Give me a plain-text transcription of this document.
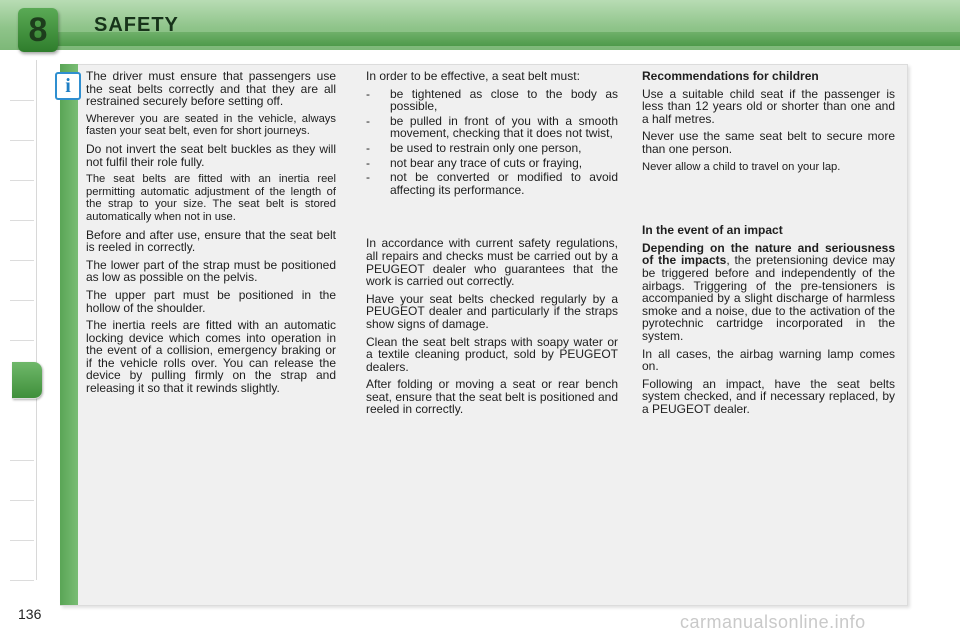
8 SAFETY
i The driver must ensure that passengers use the seat belts correctly and that they are all restrained securely before setting off.

Wherever you are seated in the vehicle, always fasten your seat belt, even for short journeys.

Do not invert the seat belt buckles as they will not fulfil their role fully.

The seat belts are fitted with an inertia reel permitting automatic adjustment of the length of the strap to your size. The seat belt is stored automatically when not in use.

Before and after use, ensure that the seat belt is reeled in correctly.

The lower part of the strap must be positioned as low as possible on the pelvis.

The upper part must be positioned in the hollow of the shoulder.

The inertia reels are fitted with an automatic locking device which comes into operation in the event of a collision, emergency braking or if the vehicle rolls over. You can release the device by pulling firmly on the strap and releasing it so that it rewinds slightly.

In order to be effective, a seat belt must:

- be tightened as close to the body as possible,
- be pulled in front of you with a smooth movement, checking that it does not twist,
- be used to restrain only one person,
- not bear any trace of cuts or fraying,
- not be converted or modified to avoid affecting its performance.

In accordance with current safety regulations, all repairs and checks must be carried out by a PEUGEOT dealer who guarantees that the work is carried out correctly.

Have your seat belts checked regularly by a PEUGEOT dealer and particularly if the straps show signs of damage.

Clean the seat belt straps with soapy water or a textile cleaning product, sold by PEUGEOT dealers.

After folding or moving a seat or rear bench seat, ensure that the seat belt is positioned and reeled in correctly.

Recommendations for children

Use a suitable child seat if the passenger is less than 12 years old or shorter than one and a half metres.

Never use the same seat belt to secure more than one person.

Never allow a child to travel on your lap.

In the event of an impact

Depending on the nature and seriousness of the impacts, the pretensioning device may be triggered before and independently of the airbags. Triggering of the pre-tensioners is accompanied by a slight discharge of harmless smoke and a noise, due to the activation of the pyrotechnic cartridge incorporated in the system.

In all cases, the airbag warning lamp comes on.

Following an impact, have the seat belts system checked, and if necessary replaced, by a PEUGEOT dealer.

136	carmanualsonline.info
